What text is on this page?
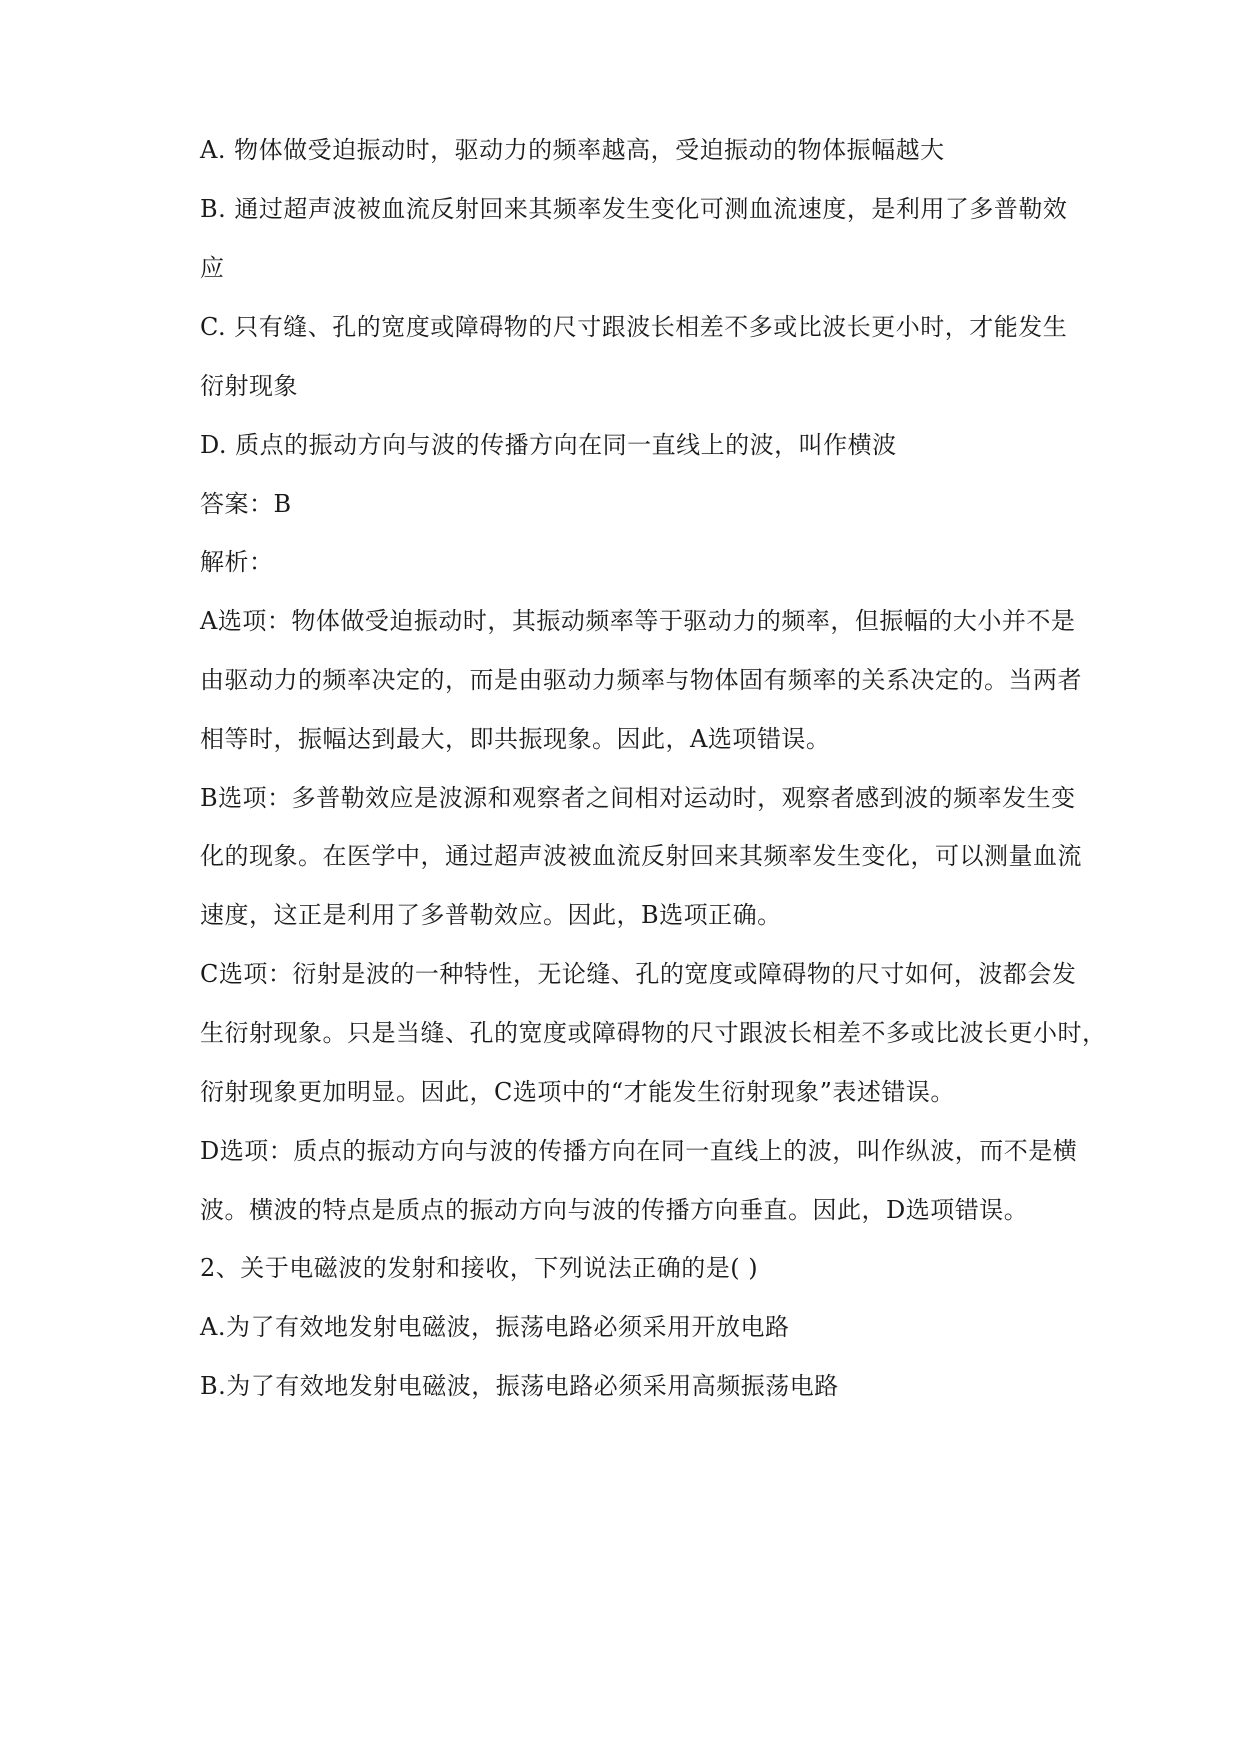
A. 物体做受迫振动时，驱动力的频率越高，受迫振动的物体振幅越大
B. 通过超声波被血流反射回来其频率发生变化可测血流速度，是利用了多普勒效
应
C. 只有缝、孔的宽度或障碍物的尺寸跟波长相差不多或比波长更小时，才能发生
衍射现象
D. 质点的振动方向与波的传播方向在同一直线上的波，叫作横波
答案：B
解析：
A选项：物体做受迫振动时，其振动频率等于驱动力的频率，但振幅的大小并不是
由驱动力的频率决定的，而是由驱动力频率与物体固有频率的关系决定的。当两者
相等时，振幅达到最大，即共振现象。因此，A选项错误。
B选项：多普勒效应是波源和观察者之间相对运动时，观察者感到波的频率发生变
化的现象。在医学中，通过超声波被血流反射回来其频率发生变化，可以测量血流
速度，这正是利用了多普勒效应。因此，B选项正确。
C选项：衍射是波的一种特性，无论缝、孔的宽度或障碍物的尺寸如何，波都会发
生衍射现象。只是当缝、孔的宽度或障碍物的尺寸跟波长相差不多或比波长更小时，
衍射现象更加明显。因此，C选项中的“才能发生衍射现象”表述错误。
D选项：质点的振动方向与波的传播方向在同一直线上的波，叫作纵波，而不是横
波。横波的特点是质点的振动方向与波的传播方向垂直。因此，D选项错误。
2、关于电磁波的发射和接收，下列说法正确的是( )
A.为了有效地发射电磁波，振荡电路必须采用开放电路
B.为了有效地发射电磁波，振荡电路必须采用高频振荡电路
